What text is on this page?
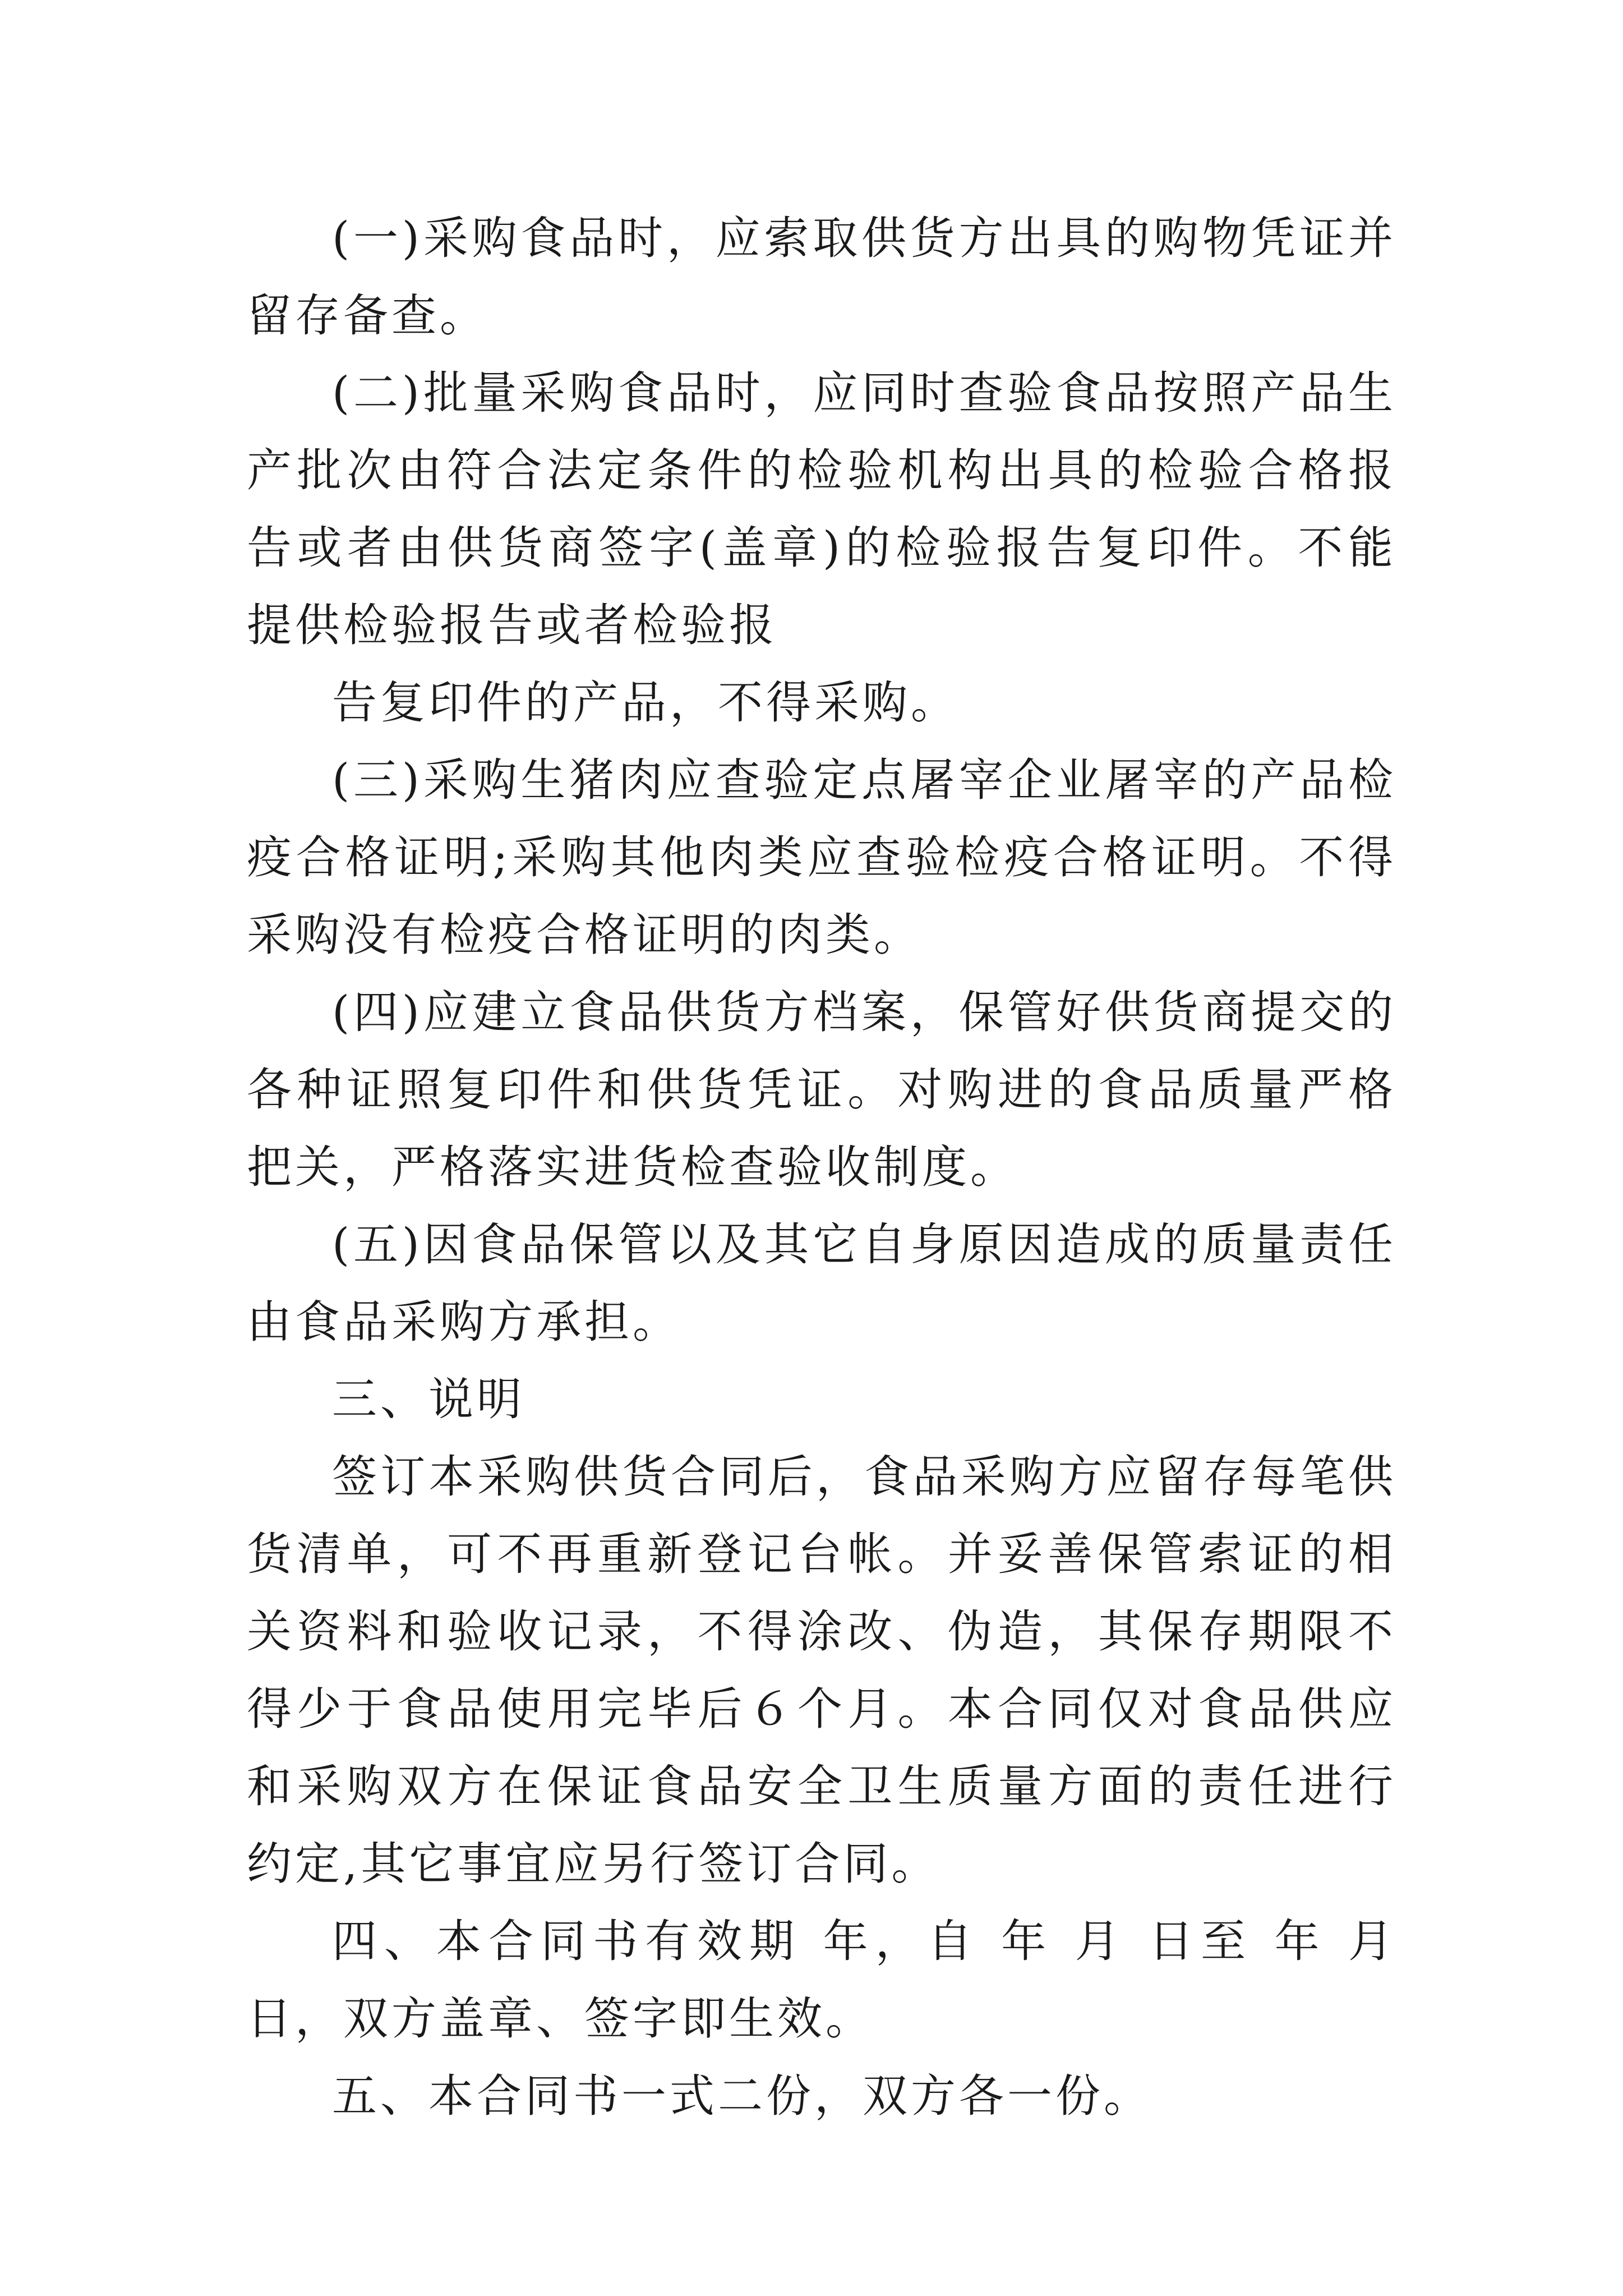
(一)采购食品时，应索取供货方出具的购物凭证并留存备查。

(二)批量采购食品时，应同时查验食品按照产品生产批次由符合法定条件的检验机构出具的检验合格报告或者由供货商签字(盖章)的检验报告复印件。不能提供检验报告或者检验报

告复印件的产品，不得采购。

(三)采购生猪肉应查验定点屠宰企业屠宰的产品检疫合格证明;采购其他肉类应查验检疫合格证明。不得采购没有检疫合格证明的肉类。

(四)应建立食品供货方档案，保管好供货商提交的各种证照复印件和供货凭证。对购进的食品质量严格把关，严格落实进货检查验收制度。

(五)因食品保管以及其它自身原因造成的质量责任由食品采购方承担。

三、说明

签订本采购供货合同后，食品采购方应留存每笔供货清单，可不再重新登记台帐。并妥善保管索证的相关资料和验收记录，不得涂改、伪造，其保存期限不得少于食品使用完毕后６个月。本合同仅对食品供应和采购双方在保证食品安全卫生质量方面的责任进行约定,其它事宜应另行签订合同。

四、本合同书有效期 年，自 年 月 日至 年 月 日，双方盖章、签字即生效。

五、本合同书一式二份，双方各一份。
